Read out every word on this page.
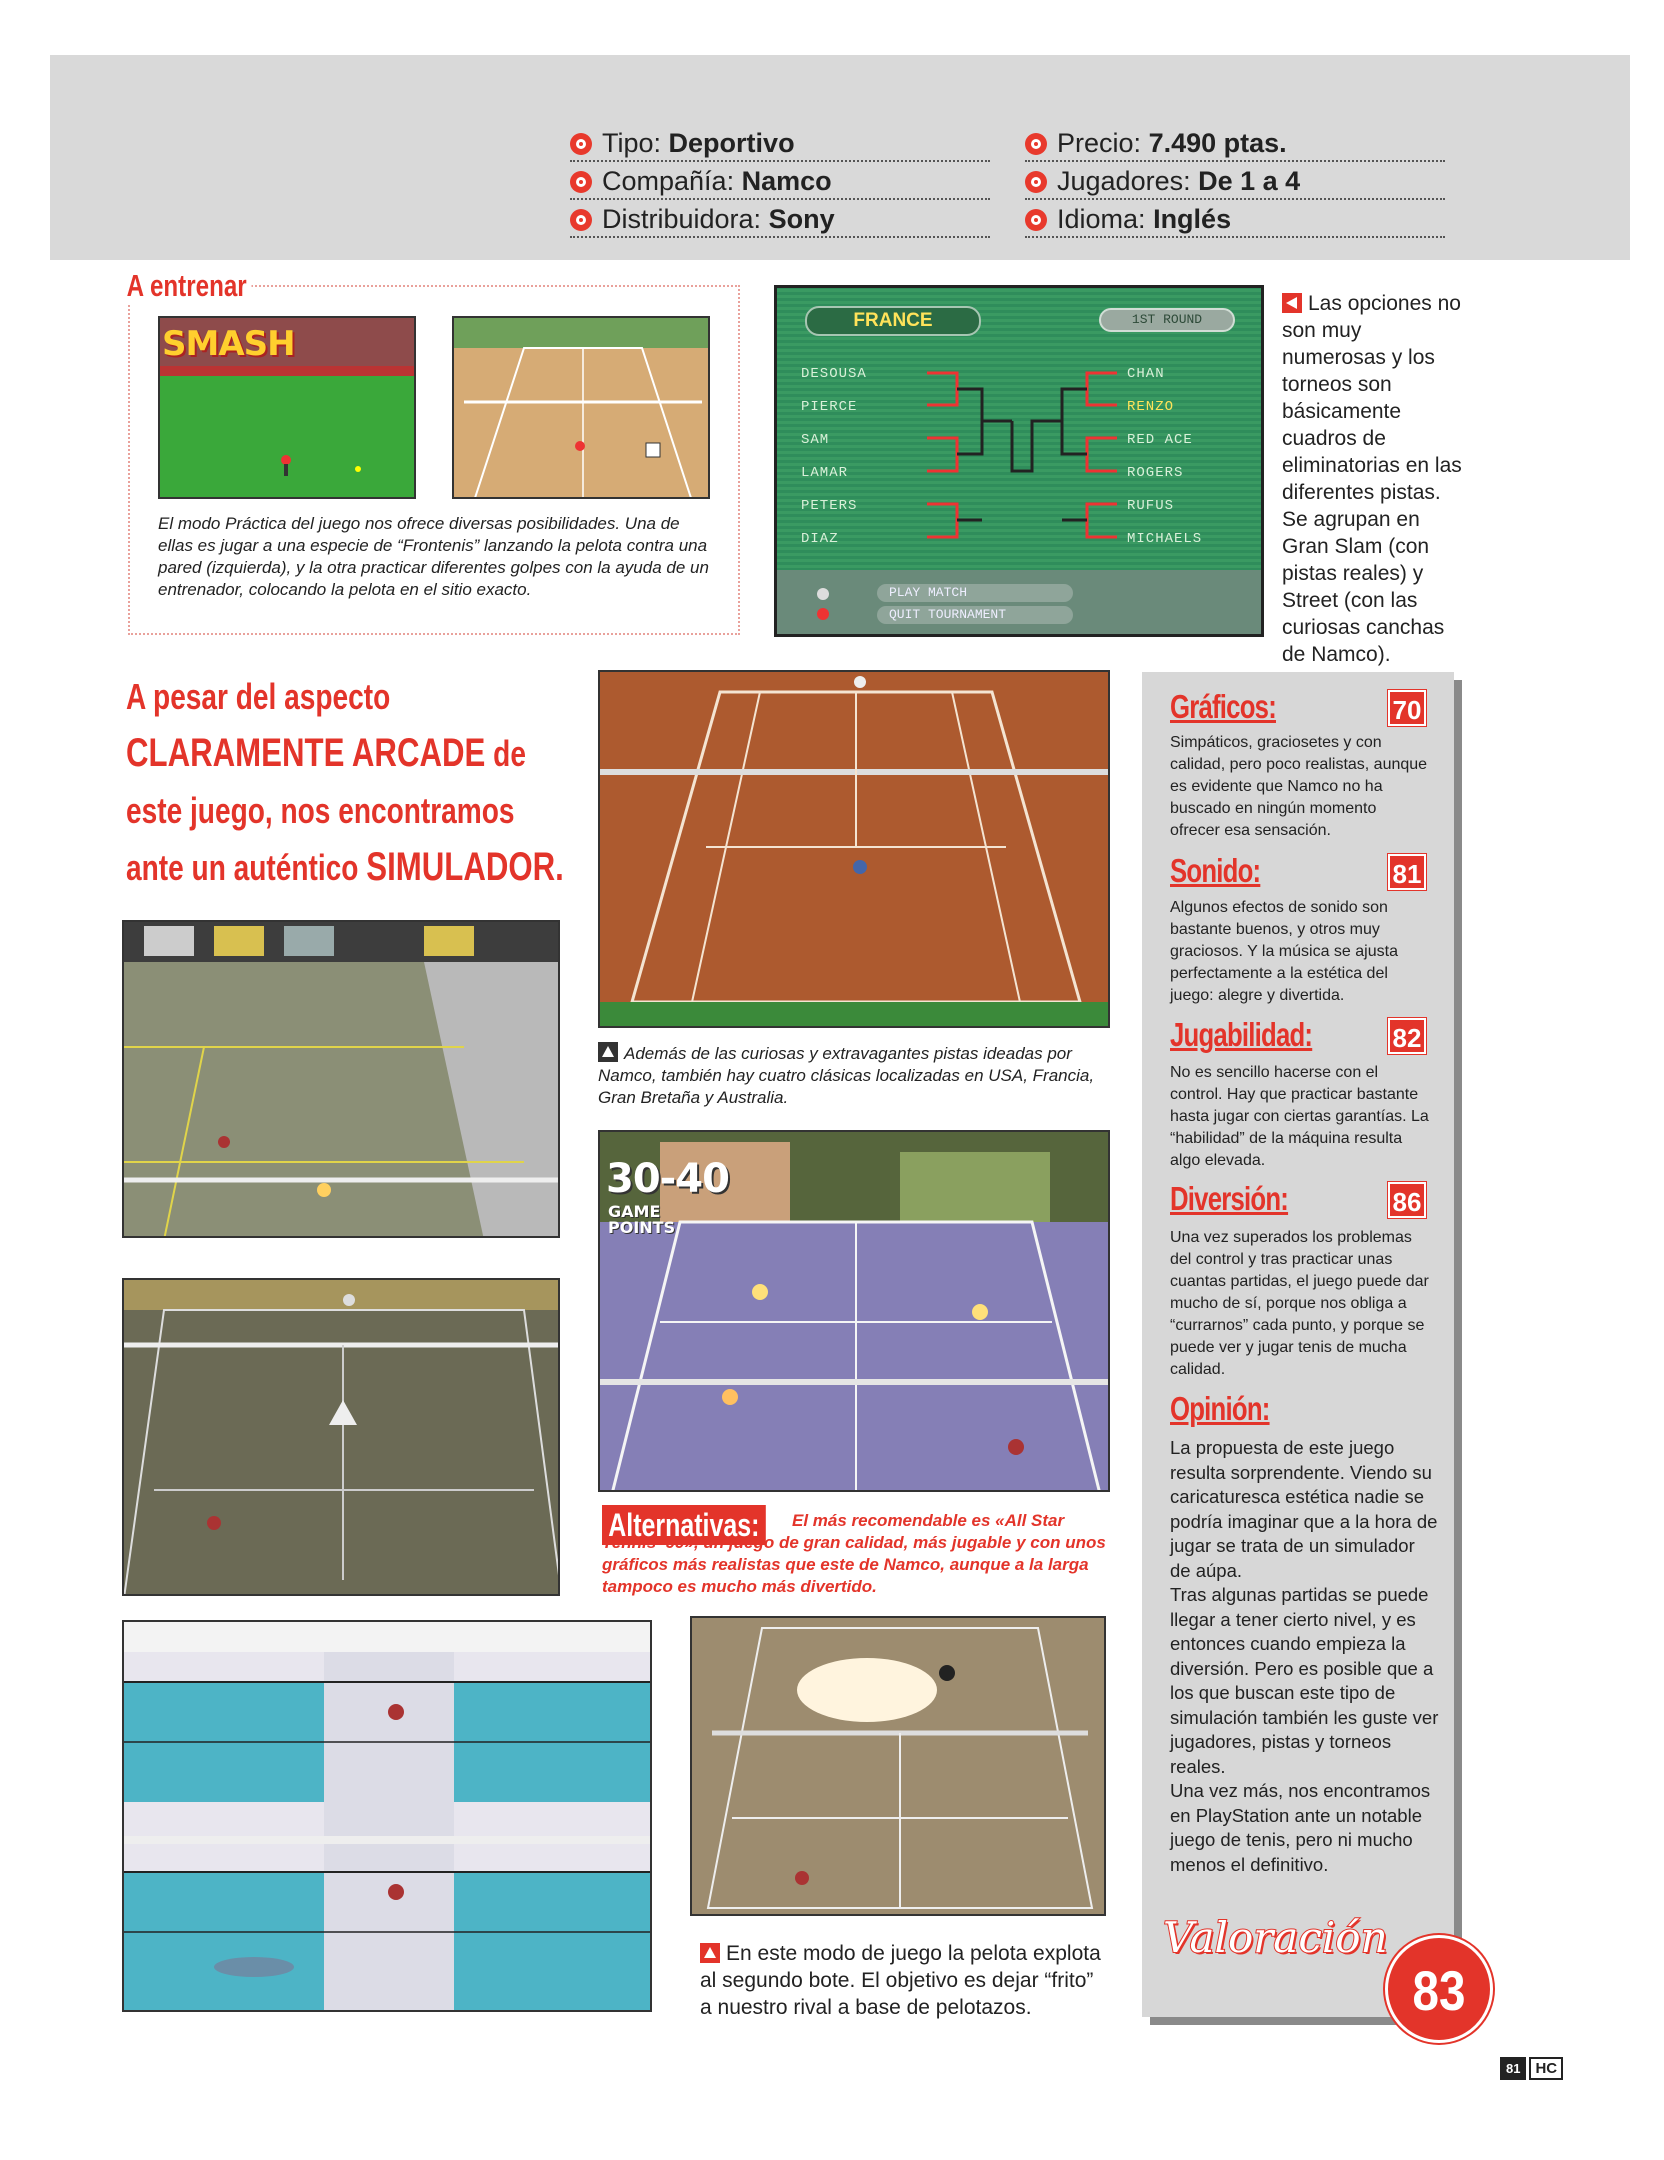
Tipo: Deportivo
Compañía: Namco
Distribuidora: Sony
Precio: 7.490 ptas.
Jugadores: De 1 a 4
Idioma: Inglés
A entrenar
SMASH
El modo Práctica del juego nos ofrece diversas posibilidades. Una de ellas es jugar a una especie de “Frontenis” lanzando la pelota contra una pared (izquierda), y la otra practicar diferentes golpes con la ayuda de un entrenador, colocando la pelota en el sitio exacto.
FRANCE	1ST ROUND
DESOUSA
PIERCE
SAM
LAMAR
PETERS
DIAZ
CHAN
RENZO
RED ACE
ROGERS
RUFUS
MICHAELS
PLAY MATCH
QUIT TOURNAMENT
Las opciones no son muy numerosas y los torneos son básicamente cuadros de eliminatorias en las diferentes pistas. Se agrupan en Gran Slam (con pistas reales) y Street (con las curiosas canchas de Namco).
A pesar del aspecto
CLARAMENTE ARCADE de
este juego, nos encontramos
ante un auténtico SIMULADOR.
Además de las curiosas y extravagantes pistas ideadas por Namco, también hay cuatro clásicas localizadas en USA, Francia, Gran Bretaña y Australia.
30-40
GAME
POINTS
Alternativas:	El más recomendable es «All Star Tennis ’99», un juego de gran calidad, más jugable y con unos gráficos más realistas que este de Namco, aunque a la larga tampoco es mucho más divertido.
En este modo de juego la pelota explota al segundo bote. El objetivo es dejar “frito” a nuestro rival a base de pelotazos.
Gráficos:	70
Simpáticos, graciosetes y con calidad, pero poco realistas, aunque es evidente que Namco no ha buscado en ningún momento ofrecer esa sensación.
Sonido:	81
Algunos efectos de sonido son bastante buenos, y otros muy graciosos. Y la música se ajusta perfectamente a la estética del juego: alegre y divertida.
Jugabilidad:	82
No es sencillo hacerse con el control. Hay que practicar bastante hasta jugar con ciertas garantías. La “habilidad” de la máquina resulta algo elevada.
Diversión:	86
Una vez superados los problemas del control y tras practicar unas cuantas partidas, el juego puede dar mucho de sí, porque nos obliga a “currarnos” cada punto, y porque se puede ver y jugar tenis de mucha calidad.
Opinión:
La propuesta de este juego resulta sorprendente. Viendo su caricaturesca estética nadie se podría imaginar que a la hora de jugar se trata de un simulador de aúpa.
Tras algunas partidas se puede llegar a tener cierto nivel, y es entonces cuando empieza la diversión. Pero es posible que a los que buscan este tipo de simulación también les guste ver jugadores, pistas y torneos reales.
Una vez más, nos encontramos en PlayStation ante un notable juego de tenis, pero ni mucho menos el definitivo.
Valoración
83
81	HC
